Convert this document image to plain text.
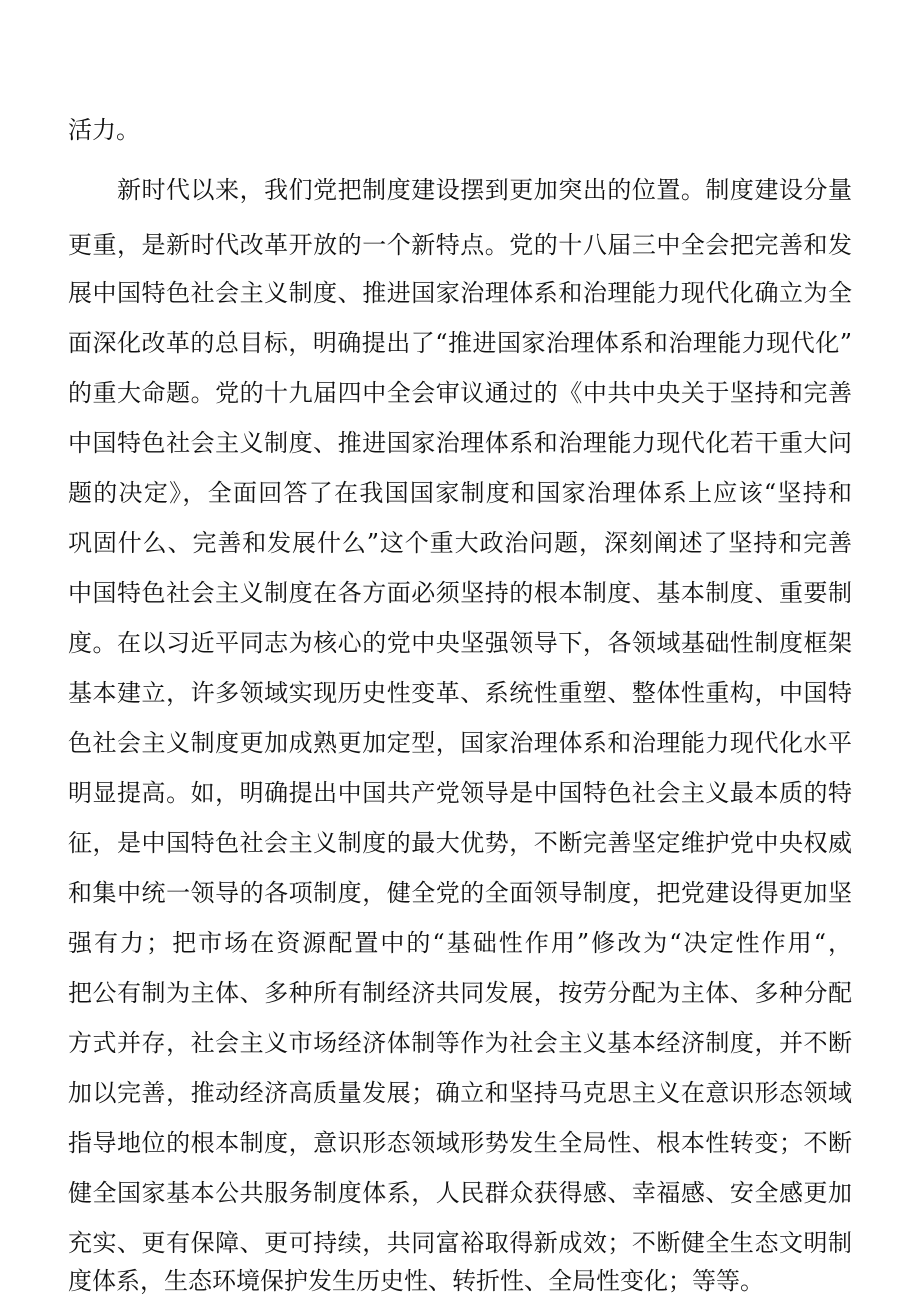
活力。

新时代以来，我们党把制度建设摆到更加突出的位置。制度建设分量

更重，是新时代改革开放的一个新特点。党的十八届三中全会把完善和发

展中国特色社会主义制度、推进国家治理体系和治理能力现代化确立为全

面深化改革的总目标，明确提出了“推进国家治理体系和治理能力现代化”

的重大命题。党的十九届四中全会审议通过的《中共中央关于坚持和完善

中国特色社会主义制度、推进国家治理体系和治理能力现代化若干重大问

题的决定》，全面回答了在我国国家制度和国家治理体系上应该“坚持和

巩固什么、完善和发展什么”这个重大政治问题，深刻阐述了坚持和完善

中国特色社会主义制度在各方面必须坚持的根本制度、基本制度、重要制

度。在以习近平同志为核心的党中央坚强领导下，各领域基础性制度框架

基本建立，许多领域实现历史性变革、系统性重塑、整体性重构，中国特

色社会主义制度更加成熟更加定型，国家治理体系和治理能力现代化水平

明显提高。如，明确提出中国共产党领导是中国特色社会主义最本质的特

征，是中国特色社会主义制度的最大优势，不断完善坚定维护党中央权威

和集中统一领导的各项制度，健全党的全面领导制度，把党建设得更加坚

强有力；把市场在资源配置中的“基础性作用”修改为“决定性作用“，

把公有制为主体、多种所有制经济共同发展，按劳分配为主体、多种分配

方式并存，社会主义市场经济体制等作为社会主义基本经济制度，并不断

加以完善，推动经济高质量发展；确立和坚持马克思主义在意识形态领域

指导地位的根本制度，意识形态领域形势发生全局性、根本性转变；不断

健全国家基本公共服务制度体系，人民群众获得感、幸福感、安全感更加

充实、更有保障、更可持续，共同富裕取得新成效；不断健全生态文明制

度体系，生态环境保护发生历史性、转折性、全局性变化；等等。
